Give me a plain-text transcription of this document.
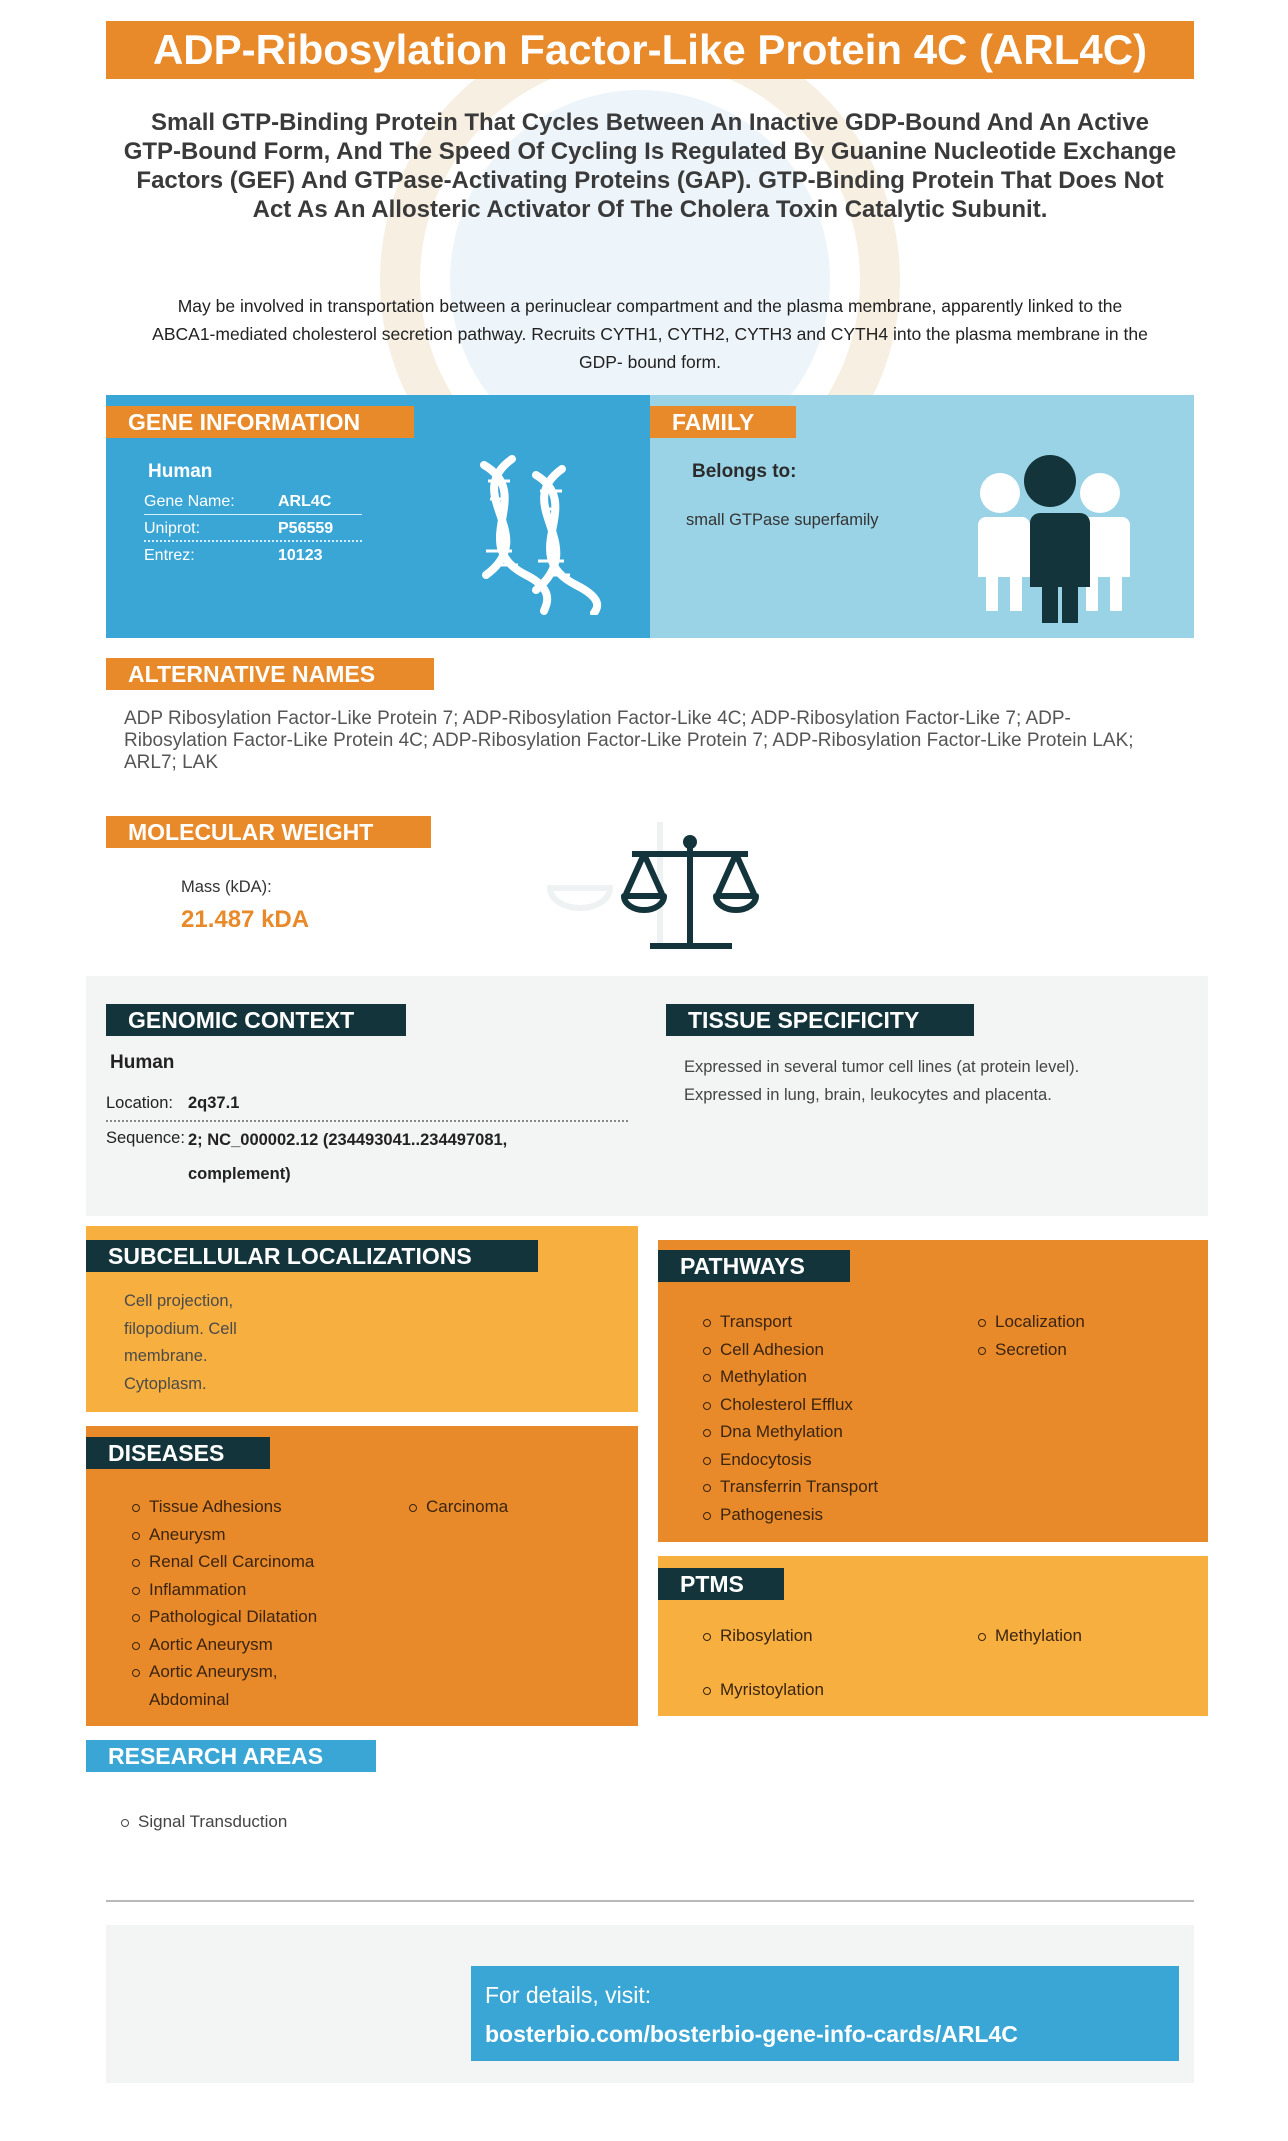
ADP-Ribosylation Factor-Like Protein 4C (ARL4C)
Small GTP-Binding Protein That Cycles Between An Inactive GDP-Bound And An Active GTP-Bound Form, And The Speed Of Cycling Is Regulated By Guanine Nucleotide Exchange Factors (GEF) And GTPase-Activating Proteins (GAP). GTP-Binding Protein That Does Not Act As An Allosteric Activator Of The Cholera Toxin Catalytic Subunit.
May be involved in transportation between a perinuclear compartment and the plasma membrane, apparently linked to the ABCA1-mediated cholesterol secretion pathway. Recruits CYTH1, CYTH2, CYTH3 and CYTH4 into the plasma membrane in the GDP- bound form.
GENE INFORMATION
Human
Gene Name:	ARL4C
Uniprot:	P56559
Entrez:	10123
FAMILY
Belongs to:
small GTPase superfamily
ALTERNATIVE NAMES
ADP Ribosylation Factor-Like Protein 7; ADP-Ribosylation Factor-Like 4C; ADP-Ribosylation Factor-Like 7; ADP-Ribosylation Factor-Like Protein 4C; ADP-Ribosylation Factor-Like Protein 7; ADP-Ribosylation Factor-Like Protein LAK; ARL7; LAK
MOLECULAR WEIGHT
Mass (kDA):
21.487 kDA
GENOMIC CONTEXT
Human
Location: 2q37.1
Sequence: 2; NC_000002.12 (234493041..234497081,
complement)
TISSUE SPECIFICITY
Expressed in several tumor cell lines (at protein level). Expressed in lung, brain, leukocytes and placenta.
SUBCELLULAR LOCALIZATIONS
Cell projection, filopodium. Cell membrane. Cytoplasm.
DISEASES
Tissue Adhesions
Aneurysm
Renal Cell Carcinoma
Inflammation
Pathological Dilatation
Aortic Aneurysm
Aortic Aneurysm, Abdominal
Carcinoma
PATHWAYS
Transport
Cell Adhesion
Methylation
Cholesterol Efflux
Dna Methylation
Endocytosis
Transferrin Transport
Pathogenesis
Localization
Secretion
PTMS
Ribosylation
Myristoylation
Methylation
RESEARCH AREAS
Signal Transduction
For details, visit:
bosterbio.com/bosterbio-gene-info-cards/ARL4C
